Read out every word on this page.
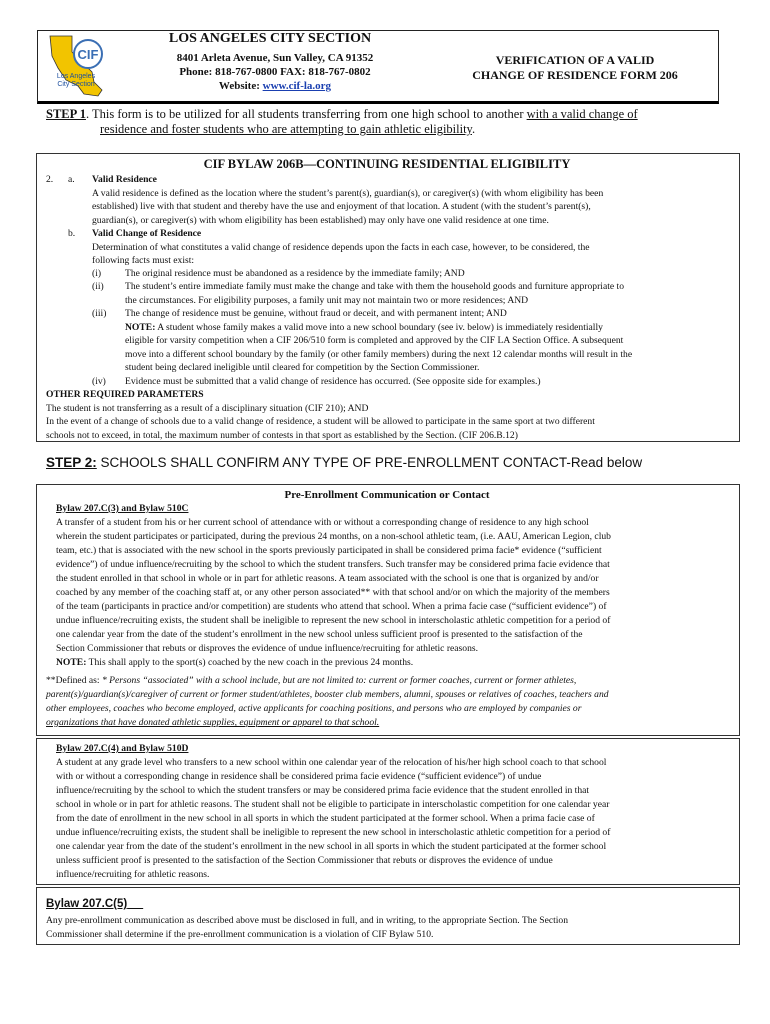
CIF
Los Angeles
City Section
LOS ANGELES CITY SECTION
8401 Arleta Avenue, Sun Valley, CA 91352
Phone: 818-767-0800 FAX: 818-767-0802
Website: www.cif-la.org
VERIFICATION OF A VALID
CHANGE OF RESIDENCE FORM 206
STEP 1. This form is to be utilized for all students transferring from one high school to another with a valid change of
residence and foster students who are attempting to gain athletic eligibility.
CIF BYLAW 206B—CONTINUING RESIDENTIAL ELIGIBILITY
2. a. Valid Residence
A valid residence is defined as the location where the student’s parent(s), guardian(s), or caregiver(s) (with whom eligibility has been
established) live with that student and thereby have the use and enjoyment of that location. A student (with the student’s parent(s),
guardian(s), or caregiver(s) with whom eligibility has been established) may only have one valid residence at one time.
b. Valid Change of Residence
Determination of what constitutes a valid change of residence depends upon the facts in each case, however, to be considered, the
following facts must exist:
(i) The original residence must be abandoned as a residence by the immediate family; AND
(ii) The student’s entire immediate family must make the change and take with them the household goods and furniture appropriate to
the circumstances. For eligibility purposes, a family unit may not maintain two or more residences; AND
(iii) The change of residence must be genuine, without fraud or deceit, and with permanent intent; AND
NOTE: A student whose family makes a valid move into a new school boundary (see iv. below) is immediately residentially
eligible for varsity competition when a CIF 206/510 form is completed and approved by the CIF LA Section Office. A subsequent
move into a different school boundary by the family (or other family members) during the next 12 calendar months will result in the
student being declared ineligible until cleared for competition by the Section Commissioner.
(iv) Evidence must be submitted that a valid change of residence has occurred. (See opposite side for examples.)
OTHER REQUIRED PARAMETERS
The student is not transferring as a result of a disciplinary situation (CIF 210); AND
In the event of a change of schools due to a valid change of residence, a student will be allowed to participate in the same sport at two different
schools not to exceed, in total, the maximum number of contests in that sport as established by the Section. (CIF 206.B.12)
STEP 2: SCHOOLS SHALL CONFIRM ANY TYPE OF PRE-ENROLLMENT CONTACT-Read below
Pre-Enrollment Communication or Contact
Bylaw 207.C(3) and Bylaw 510C
A transfer of a student from his or her current school of attendance with or without a corresponding change of residence to any high school
wherein the student participates or participated, during the previous 24 months, on a non-school athletic team, (i.e. AAU, American Legion, club
team, etc.) that is associated with the new school in the sports previously participated in shall be considered prima facie* evidence (“sufficient
evidence”) of undue influence/recruiting by the school to which the student transfers. Such transfer may be considered prima facie evidence that
the student enrolled in that school in whole or in part for athletic reasons. A team associated with the school is one that is organized by and/or
coached by any member of the coaching staff at, or any other person associated** with that school and/or on which the majority of the members
of the team (participants in practice and/or competition) are students who attend that school. When a prima facie case (“sufficient evidence”) of
undue influence/recruiting exists, the student shall be ineligible to represent the new school in interscholastic athletic competition for a period of
one calendar year from the date of the student’s enrollment in the new school unless sufficient proof is presented to the satisfaction of the
Section Commissioner that rebuts or disproves the evidence of undue influence/recruiting for athletic reasons.
NOTE: This shall apply to the sport(s) coached by the new coach in the previous 24 months.
**Defined as: * Persons “associated” with a school include, but are not limited to: current or former coaches, current or former athletes,
parent(s)/guardian(s)/caregiver of current or former student/athletes, booster club members, alumni, spouses or relatives of coaches, teachers and
other employees, coaches who become employed, active applicants for coaching positions, and persons who are employed by companies or
organizations that have donated athletic supplies, equipment or apparel to that school.
Bylaw 207.C(4) and Bylaw 510D
A student at any grade level who transfers to a new school within one calendar year of the relocation of his/her high school coach to that school
with or without a corresponding change in residence shall be considered prima facie evidence (“sufficient evidence”) of undue
influence/recruiting by the school to which the student transfers or may be considered prima facie evidence that the student enrolled in that
school in whole or in part for athletic reasons. The student shall not be eligible to participate in interscholastic competition for one calendar year
from the date of enrollment in the new school in all sports in which the student participated at the former school. When a prima facie case of
undue influence/recruiting exists, the student shall be ineligible to represent the new school in interscholastic athletic competition for a period of
one calendar year from the date of the student’s enrollment in the new school in all sports in which the student participated at the former school
unless sufficient proof is presented to the satisfaction of the Section Commissioner that rebuts or disproves the evidence of undue
influence/recruiting for athletic reasons.
Bylaw 207.C(5)
Any pre-enrollment communication as described above must be disclosed in full, and in writing, to the appropriate Section. The Section
Commissioner shall determine if the pre-enrollment communication is a violation of CIF Bylaw 510.
